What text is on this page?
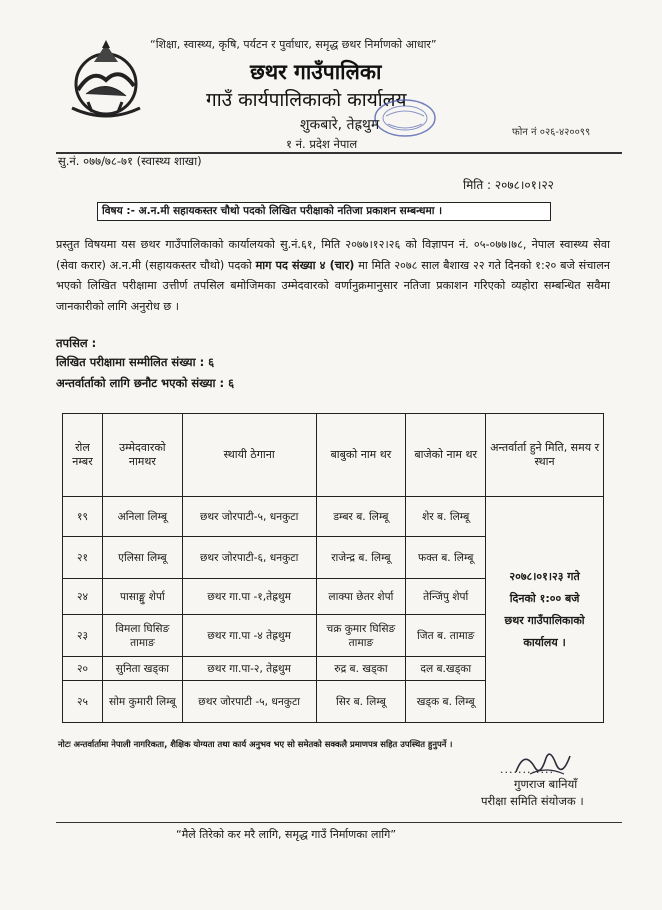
“शिक्षा, स्वास्थ्य, कृषि, पर्यटन र पुर्वाधार, समृद्ध छथर निर्माणको आधार”
छथर गाउँपालिका
गाउँ कार्यपालिकाको कार्यालय
शुकबारे, तेह्रथुम
१ नं. प्रदेश नेपाल
फोन नं ०२६-४२००९९
सु.नं. ०७७/७८-७१ (स्वास्थ्य शाखा)
मिति : २०७८।०१।२२
विषय :- अ.न.मी सहायकस्तर चौथो पदको लिखित परीक्षाको नतिजा प्रकाशन सम्बन्धमा ।
प्रस्तुत विषयमा यस छथर गाउँपालिकाको कार्यालयको सु.नं.६१, मिति २०७७।१२।२६ को विज्ञापन नं. ०५-०७७।७८, नेपाल स्वास्थ्य सेवा (सेवा करार) अ.न.मी (सहायकस्तर चौथो) पदको माग पद संख्या ४ (चार) मा मिति २०७८ साल बैशाख २२ गते दिनको १:२० बजे संचालन भएको लिखित परीक्षामा उत्तीर्ण तपसिल बमोजिमका उम्मेदवारको वर्णानुक्रमानुसार नतिजा प्रकाशन गरिएको व्यहोरा सम्बन्धित सवैमा जानकारीको लागि अनुरोध छ ।
तपसिल :
लिखित परीक्षामा सम्मीलित संख्या : ६
अन्तर्वार्ताको लागि छनौट भएको संख्या : ६
रोल नम्बर	उम्मेदवारको नामथर	स्थायी ठेगाना	बाबुको नाम थर	बाजेको नाम थर	अन्तर्वार्ता हुने मिति, समय र स्थान
१९	अनिला लिम्बू	छथर जोरपाटी-५, धनकुटा	डम्बर ब. लिम्बू	शेर ब. लिम्बू	२०७८।०१।२३ गते
दिनको १:०० बजे
छथर गाउँपालिकाको
कार्यालय ।

२१	एलिसा लिम्बू	छथर जोरपाटी-६, धनकुटा	राजेन्द्र ब. लिम्बू	फक्त ब. लिम्बू	
२४	पासाङ्मु शेर्पा	छथर गा.पा -१,तेह्रथुम	लाक्पा छेतर शेर्पा	तेन्जिंपु शेर्पा	
२३	विमला घिसिङ तामाङ	छथर गा.पा -४ तेह्रथुम	चक्र कुमार घिसिङ तामाङ	जित ब. तामाङ	
२०	सुनिता खड्का	छथर गा.पा-२, तेह्रथुम	रुद्र ब. खड्का	दल ब.खड्का	
२५	सोम कुमारी लिम्बू	छथर जोरपाटी -५, धनकुटा	सिर ब. लिम्बू	खड्क ब. लिम्बू	
नोटः अन्तर्वार्तामा नेपाली नागरिकता, शैक्षिक योग्यता तथा कार्य अनुभव भए सो समेतको सक्कलै प्रमाणपत्र सहित उपस्थित हुनुपर्ने ।
............
गुणराज बानियाँ
परीक्षा समिति संयोजक ।
“मैले तिरेको कर मरै लागि, समृद्ध गाउँ निर्माणका लागि”
